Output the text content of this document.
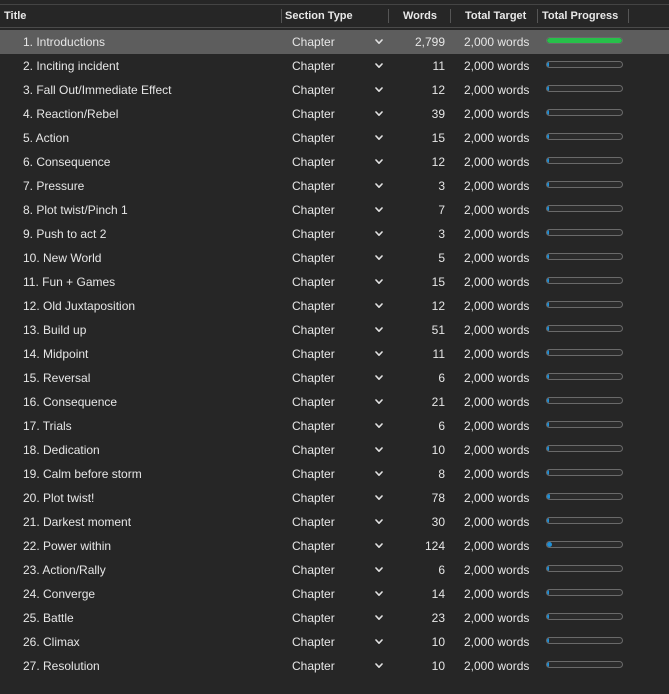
Title	Section Type	Words	Total Target Total Progress
1. Introductions	Chapter	2,799 2,000 words
2. Inciting incident	Chapter	11 2,000 words
3. Fall Out/Immediate Effect	Chapter	12 2,000 words
4. Reaction/Rebel	Chapter	39 2,000 words
5. Action	Chapter	15 2,000 words
6. Consequence	Chapter	12 2,000 words
7. Pressure	Chapter	3 2,000 words
8. Plot twist/Pinch 1	Chapter	7 2,000 words
9. Push to act 2	Chapter	3 2,000 words
10. New World	Chapter	5 2,000 words
11. Fun + Games	Chapter	15 2,000 words
12. Old Juxtaposition	Chapter	12 2,000 words
13. Build up	Chapter	51 2,000 words
14. Midpoint	Chapter	11 2,000 words
15. Reversal	Chapter	6 2,000 words
16. Consequence	Chapter	21 2,000 words
17. Trials	Chapter	6 2,000 words
18. Dedication	Chapter	10 2,000 words
19. Calm before storm	Chapter	8 2,000 words
20. Plot twist!	Chapter	78 2,000 words
21. Darkest moment	Chapter	30 2,000 words
22. Power within	Chapter	124 2,000 words
23. Action/Rally	Chapter	6 2,000 words
24. Converge	Chapter	14 2,000 words
25. Battle	Chapter	23 2,000 words
26. Climax	Chapter	10 2,000 words
27. Resolution	Chapter	10 2,000 words
